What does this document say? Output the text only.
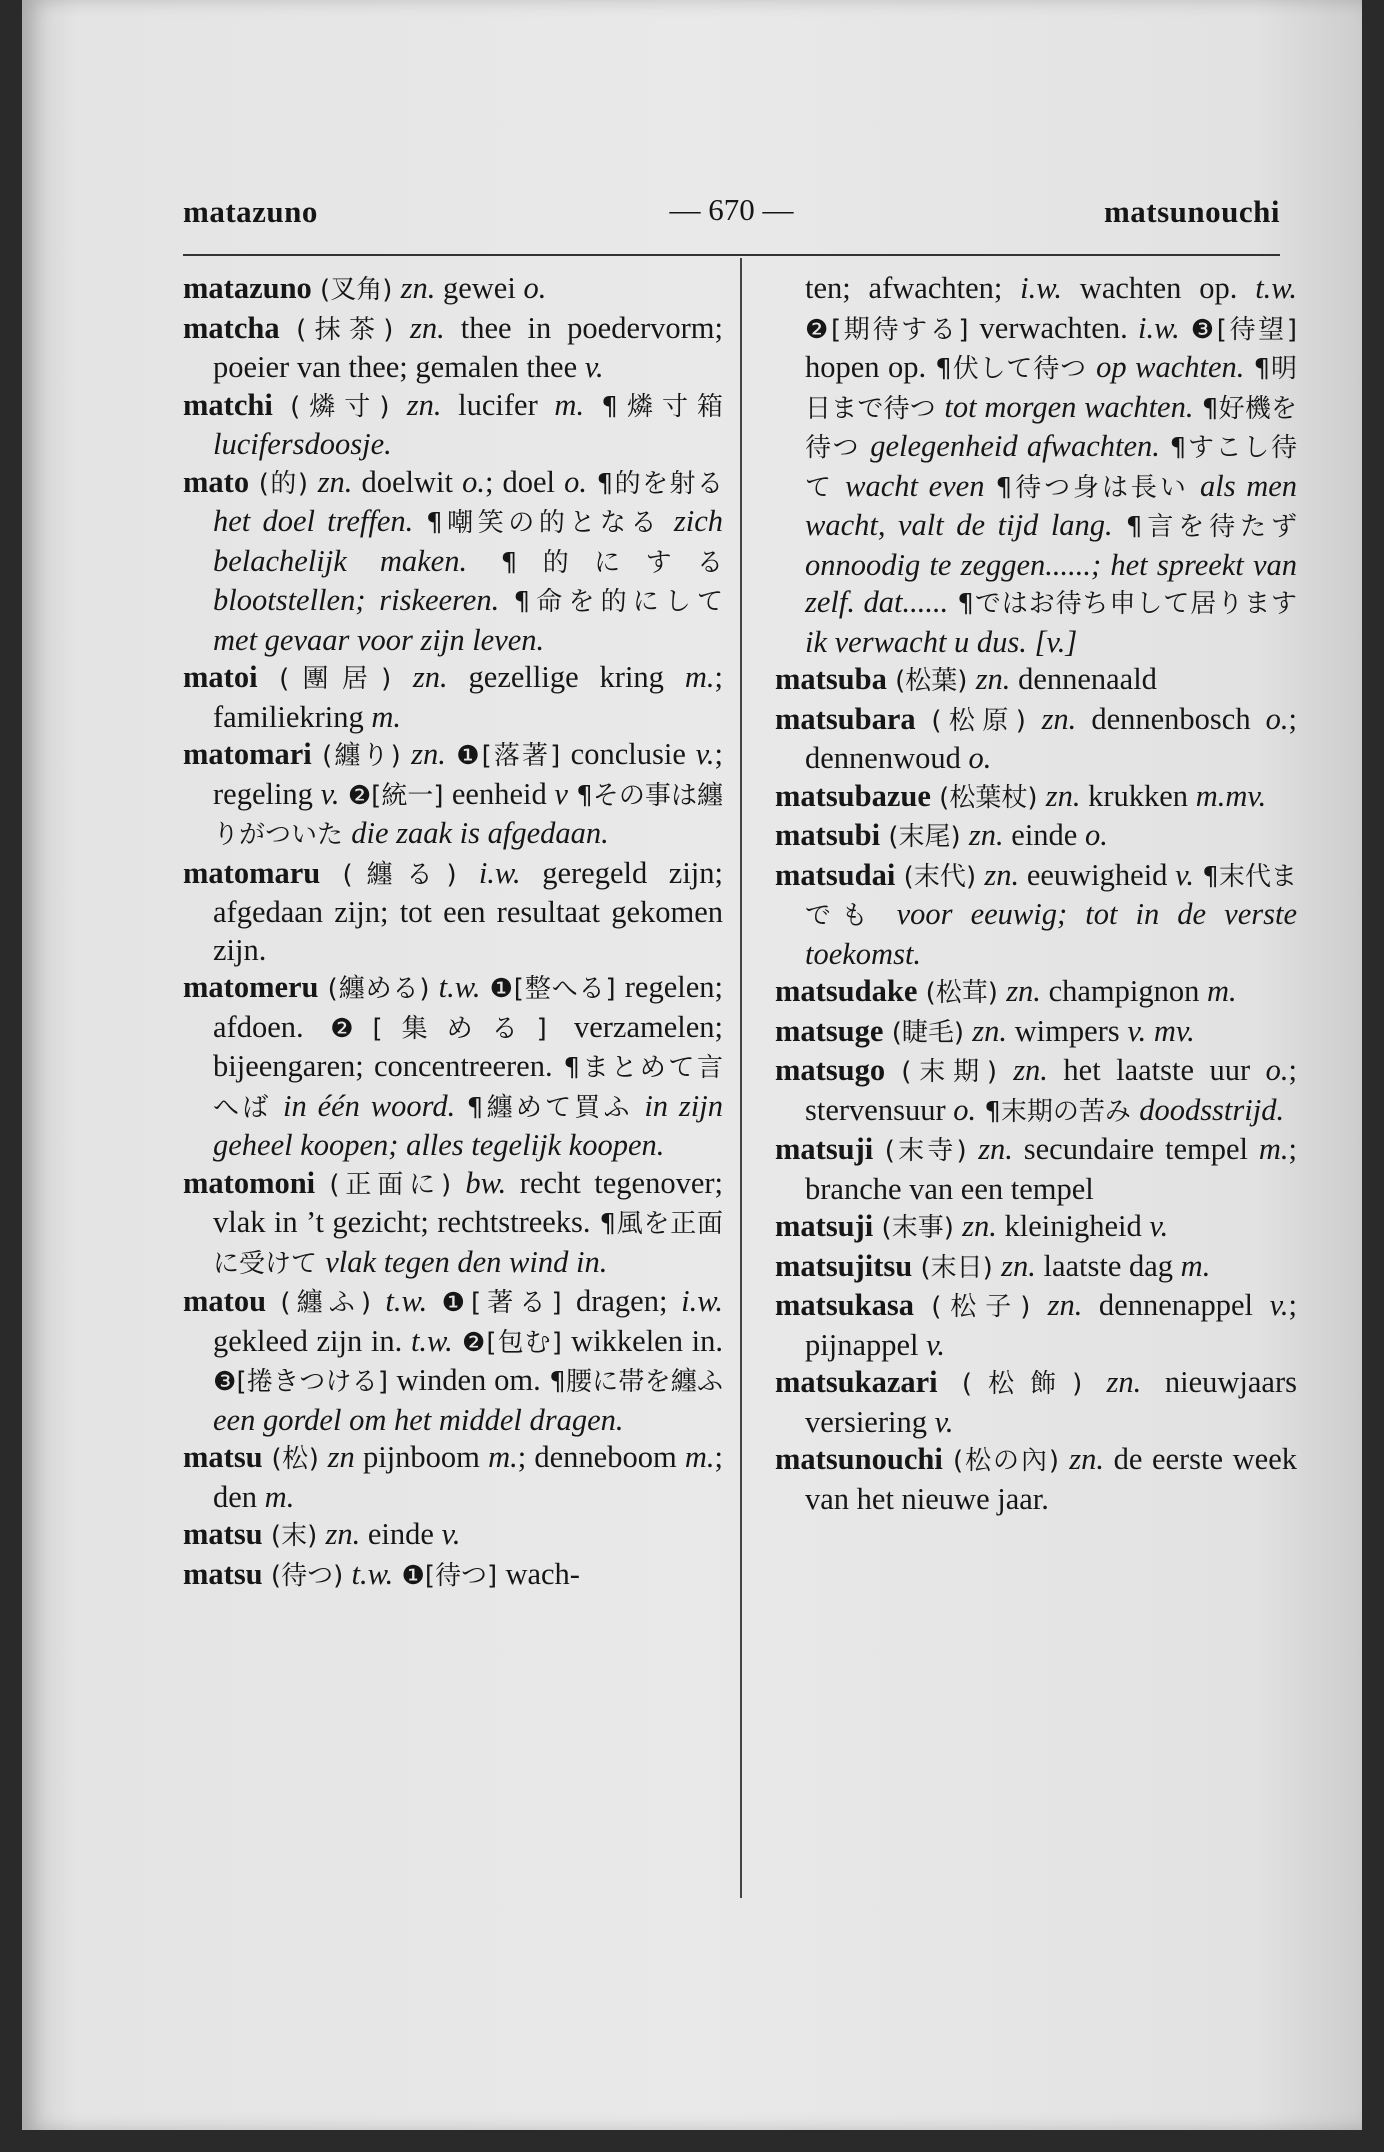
matazuno	— 670 —	matsunouchi

matazuno (叉角) zn. gewei o.

matcha (抹茶) zn. thee in poedervorm; poeier van thee; gemalen thee v.

matchi (燐寸) zn. lucifer m. ¶燐寸箱 lucifersdoosje.

mato (的) zn. doelwit o.; doel o. ¶的を射る het doel treffen. ¶嘲笑の的となる zich belachelijk maken. ¶的にする blootstellen; riskeeren. ¶命を的にして met gevaar voor zijn leven.

matoi (團居) zn. gezellige kring m.; familiekring m.

matomari (纏り) zn. ❶[落著] conclusie v.; regeling v. ❷[統一] eenheid v ¶その事は纏りがついた die zaak is afgedaan.

matomaru (纏る) i.w. geregeld zijn; afgedaan zijn; tot een resultaat gekomen zijn.

matomeru (纏める) t.w. ❶[整へる] regelen; afdoen. ❷[集める] verzamelen; bijeengaren; concentreeren. ¶まとめて言へば in één woord. ¶纏めて買ふ in zijn geheel koopen; alles tegelijk koopen.

matomoni (正面に) bw. recht tegenover; vlak in ’t gezicht; rechtstreeks. ¶風を正面に受けて vlak tegen den wind in.

matou (纏ふ) t.w. ❶[著る] dragen; i.w. gekleed zijn in. t.w. ❷[包む] wikkelen in. ❸[捲きつける] winden om. ¶腰に帯を纏ふ een gordel om het middel dragen.

matsu (松) zn pijnboom m.; denneboom m.; den m.

matsu (末) zn. einde v.

matsu (待つ) t.w. ❶[待つ] wach-

ten; afwachten; i.w. wachten op. t.w. ❷[期待する] verwachten. i.w. ❸[待望] hopen op. ¶伏して待つ op wachten. ¶明日まで待つ tot morgen wachten. ¶好機を待つ gelegenheid afwachten. ¶すこし待て wacht even ¶待つ身は長い als men wacht, valt de tijd lang. ¶言を待たず onnoodig te zeggen......; het spreekt van zelf. dat...... ¶ではお待ち申して居ります ik verwacht u dus. [v.]

matsuba (松葉) zn. dennenaald

matsubara (松原) zn. dennenbosch o.; dennenwoud o.

matsubazue (松葉杖) zn. krukken m.mv.

matsubi (末尾) zn. einde o.

matsudai (末代) zn. eeuwigheid v. ¶末代までも voor eeuwig; tot in de verste toekomst.

matsudake (松茸) zn. champignon m.

matsuge (睫毛) zn. wimpers v. mv.

matsugo (末期) zn. het laatste uur o.; stervensuur o. ¶末期の苦み doodsstrijd.

matsuji (末寺) zn. secundaire tempel m.; branche van een tempel

matsuji (末事) zn. kleinigheid v.

matsujitsu (末日) zn. laatste dag m.

matsukasa (松子) zn. dennenappel v.; pijnappel v.

matsukazari (松飾) zn. nieuwjaars versiering v.

matsunouchi (松の內) zn. de eerste week van het nieuwe jaar.
